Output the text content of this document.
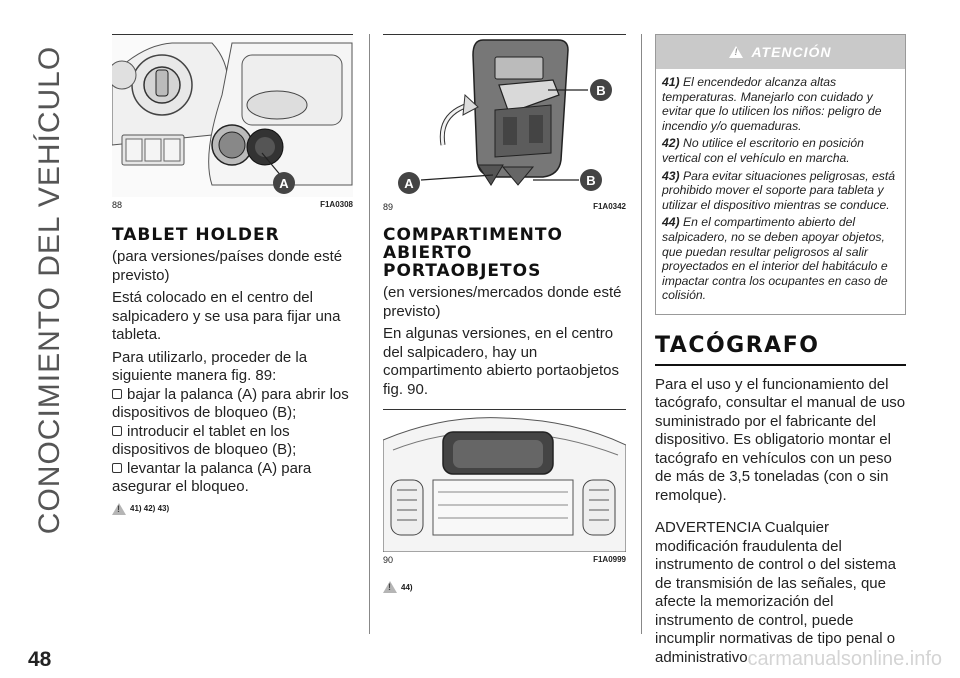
CONOCIMIENTO DEL VEHÍCULO	A
88	F1A0308
TABLET HOLDER

(para versiones/países donde esté previsto)

Está colocado en el centro del salpicadero y se usa para fijar una tableta.

Para utilizarlo, proceder de la siguiente manera fig. 89:

bajar la palanca (A) para abrir los dispositivos de bloqueo (B);
introducir el tablet en los dispositivos de bloqueo (B);
levantar la palanca (A) para asegurar el bloqueo.
!
41) 42) 43)
B
A	B
89	F1A0342
COMPARTIMENTO ABIERTO PORTAOBJETOS

(en versiones/mercados donde esté previsto)

En algunas versiones, en el centro del salpicadero, hay un compartimento abierto portaobjetos fig. 90.

90	F1A0999
!
44)
!
ATENCIÓN

41) El encendedor alcanza altas temperaturas. Manejarlo con cuidado y evitar que lo utilicen los niños: peligro de incendio y/o quemaduras.

42) No utilice el escritorio en posición vertical con el vehículo en marcha.

43) Para evitar situaciones peligrosas, está prohibido mover el soporte para tableta y utilizar el dispositivo mientras se conduce.

44) En el compartimento abierto del salpicadero, no se deben apoyar objetos, que puedan resultar peligrosos al salir proyectados en el interior del habitáculo e impactar contra los ocupantes en caso de colisión.

TACÓGRAFO

Para el uso y el funcionamiento del tacógrafo, consultar el manual de uso suministrado por el fabricante del dispositivo. Es obligatorio montar el tacógrafo en vehículos con un peso de más de 3,5 toneladas (con o sin remolque).

ADVERTENCIA Cualquier modificación fraudulenta del instrumento de control o del sistema de transmisión de las señales, que afecte la memorización del instrumento de control, puede incumplir normativas de tipo penal o administrativo.

48	carmanualsonline.info
